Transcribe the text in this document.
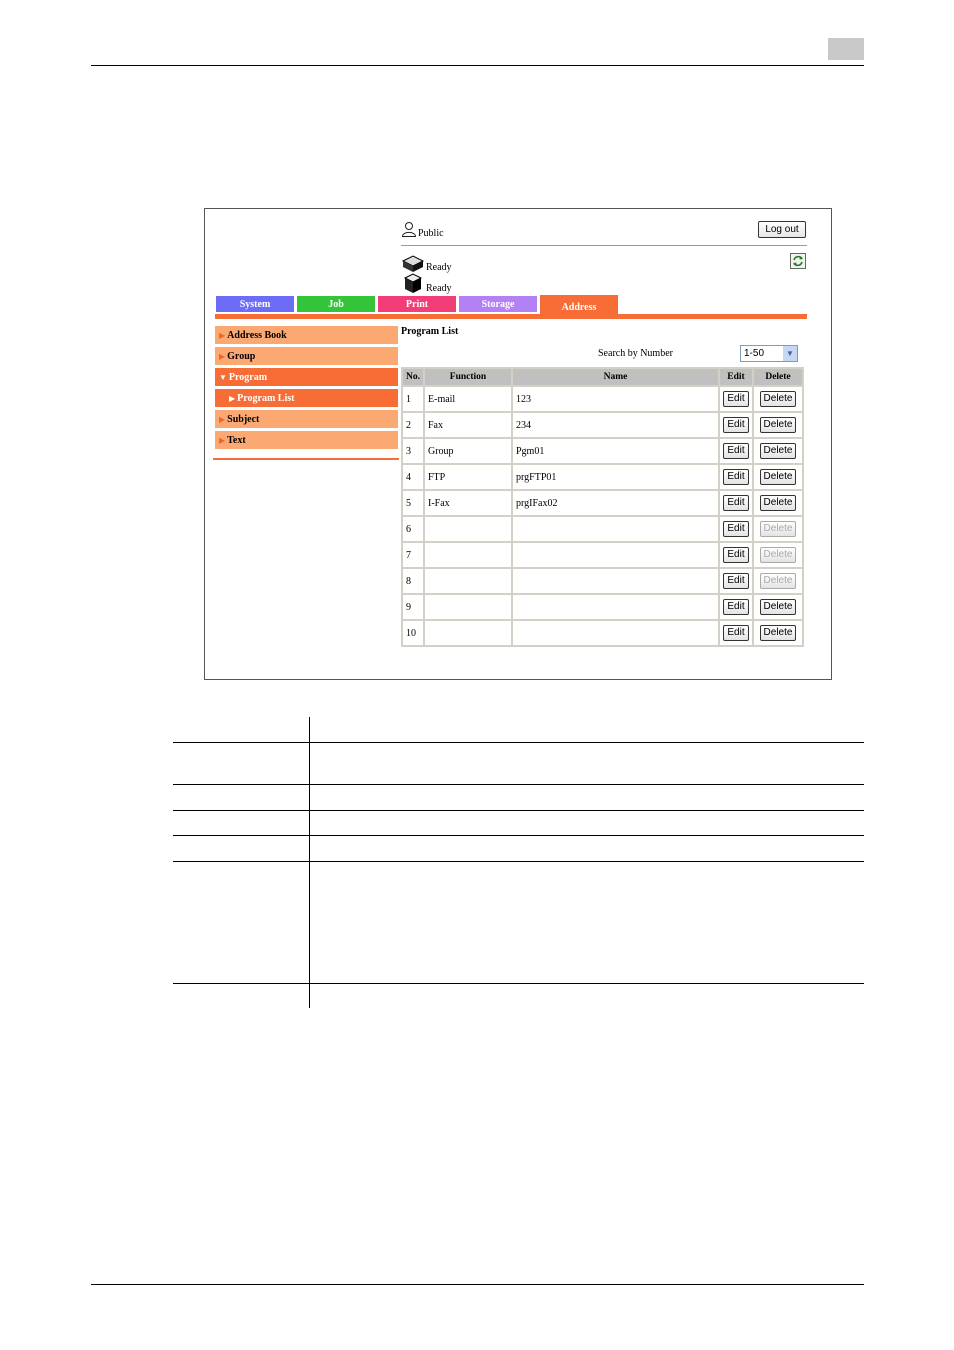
Public	Log out
Ready
Ready
System	Job	Print	Storage	Address
▶ Address Book
▶ Group
▼ Program
▶ Program List
▶ Subject
▶ Text
Program List
Search by Number	1-50	▼
No.	Function	Name	Edit	Delete
1	E-mail	123	Edit	Delete
2	Fax	234	Edit	Delete
3	Group	Pgm01	Edit	Delete
4	FTP	prgFTP01	Edit	Delete
5	I-Fax	prgIFax02	Edit	Delete
6			Edit	Delete
7			Edit	Delete
8			Edit	Delete
9			Edit	Delete
10			Edit	Delete
